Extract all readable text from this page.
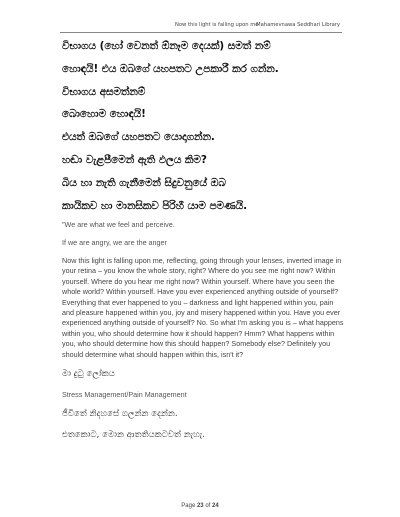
Now this light is falling upon me
Mahamevnawa Seddhari Library

විභාගය (හෝ වෙනත් ඕනෑම දෙයක්) සමත් නම්

හොඳයි! එය ඔබගේ යහපතට උපකාරී කර ගන්න.

විභාගය අසමත්නම්

බොහොම හොඳයි!

එයත් ඔබගේ යහපතට යොදාගන්න.

හඬා වැළපීමෙන් ඇති ඵලය කිම?

බිය හා නැති ගැනීමෙන් සිදුවනුයේ ඔබ

කායිකව හා මානසිකව පිරිහී යාම පමණයි.

"We are what we feel and perceive.

If we are angry, we are the anger

Now this light is falling upon me, reflecting, going through your lenses, inverted image in your retina – you know the whole story, right? Where do you see me right now? Within yourself. Where do you hear me right now? Within yourself. Where have you seen the whole world? Within yourself. Have you ever experienced anything outside of yourself? Everything that ever happened to you – darkness and light happened within you, pain and pleasure happened within you, joy and misery happened within you. Have you ever experienced anything outside of yourself? No. So what I'm asking you is – what happens within you, who should determine how it should happen? Hmm? What happens within you, who should determine how this should happen? Somebody else? Definitely you should determine what should happen within this, isn't it?

මා දුටු ලෝකය

Stress Management/Pain Management

ජීවිතේ නිදහසේ ගලන්න දෙන්න.

එතකොට, මොන ආතතියකටවත් නැහැ.

Page 23 of 24
